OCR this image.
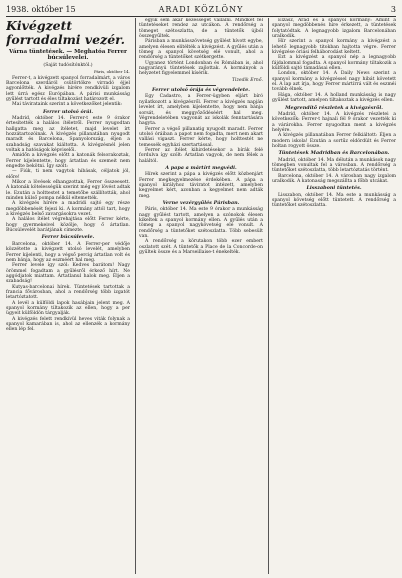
1938. október 15	ARADI KÖZLÖNY	3
Kivégzett forradalmi vezér.
Várna tüntetések. — Meghatóa Ferrer
búcsúlevelei.
(Saját tudósítónktól.)
Páris, október 14.

Ferrer-t, a kivégzett spanyol forradalmárt, a város Barcelona szerdáról csütörtökre virradó éjjel agyonlőtték. A kivégzés hírére rendkívüli izgalom lett úrrá egész Európában. A párisi munkásság gyűlést tartott és éles tiltakozást határozott el.

Mai távirataink szerint a következőket jelentik:

Ferrer utolsó órái.

Madrid, október 14. Ferrer-t este 9 órakor értesítették a halálos ítéletről. Ferrer nyugodtan hallgatta meg az ítéletet, majd levelet írt hozzátartozóinak. A kivégzés pillanatában nyugodt maradt és Barcelona, Spanyolország, éljen a szabadság szavakat kiáltotta. A kivégzésnél jelen voltak a hatóságok képviselői.

Amidőn a kivégzés előtt a katonák felsorakoztak, Ferrer kijelentette, hogy ártatlan és szemeit nem engedte bekötni. Így szólt:

— Fiúk, ti nem vagytok hibásak, céljatok jól, előre!

Mikor a lövések elhangzottak, Ferrer összeesett. A katonák kötelességük szerint még egy lövést adtak le. Ezután a holttestet a temetőbe szállították, ahol minden külső pompa nélkül eltemették.

A kivégzés hírére a madridi sajtó egy része megdöbbenését fejezi ki. A kormány attól tart, hogy a kivégzés belső zavargásokra vezet.

A halálos ítélet végrehajtása előtt Ferrer kérte, hogy gyermekeivel közölje, hogy ő ártatlan. Búcsúlevelét barátjának címezte.

Ferrer búcsúlevele.

Barcelona, október 14. A Ferrer-per védője közzétette a kivégzett utolsó levelét, amelyben Ferrer kijelenti, hogy a végső percig ártatlan volt és nem bánja, hogy az eszméért hal meg.

Ferrer levele így szól: Kedves barátom! Nagy örömmel fogadtam a gyűlésről érkező hírt. Ne aggódjatok miattam. Ártatlanul halok meg. Éljen a szabadság!

Kutyas-barcelonai hírek. Tüntetések tartottak a francia fővárosban, ahol a rendőrség több izgatót letartóztatott.

A levél a külföldi lapok hasábjain jelent meg. A spanyol kormány tiltakozik az ellen, hogy a per ügyeit külföldön tárgyalják.

A kivégzés felett rendkívül heves viták folynak a spanyol kamarában is, ahol az ellenzék a kormány ellen lép fel.

egyik sem akar kezességet vállalni. Mindkét fél tüntetéseket rendez az utcákon. A rendőrség a tömeget szétoszlatta, de a tüntetők újból összegyűltek.

Párisban a munkásszövetség gyűlést hívott egybe, amelyen élesen elítélték a kivégzést. A gyűlés után a tömeg a spanyol követség elé vonult, ahol a rendőrség a tüntetőket szétkergette.

Ugyanez történt Londonban és Rómában is, ahol nagyarányú tüntetések zajlottak. A kormányok a helyzetet figyelemmel kísérik.

Tizedik Ernő.
Ferrer utolsó órája és végrendelete.

Egy Cadastro, a Ferrer-ügyben eljárt bíró nyilatkozott a kivégzésről. Ferrer a kivégzés napján levelet írt, amelyben kijelentette, hogy nem bánja sorsát, és meggyőződéséért hal meg. Végrendeletében vagyonát az iskolák fenntartására hagyta.

Ferrer a végső pillanatig nyugodt maradt. Ferrer utolsó óráiban a papot nem fogadta, mert nem akart vallási vigaszt. Ferrer kérte, hogy holttestét ne temessék egyházi szertartással.

Ferrer az ítélet kihirdetésekor a bírák felé fordulva így szólt: Ártatlan vagyok, de nem félek a haláltól.

A papa a mártírt megvédi.

Hírek szerint a pápa a kivégzés előtt közbenjárt Ferrer megkegyelmezése érdekében. A pápa a spanyol királyhoz táviratot intézett, amelyben kegyelmet kért, azonban a kegyelmet nem adták meg.

Verne vezérgyűlés Párisban.

Páris, október 14. Ma este 9 órakor a munkásság nagy gyűlést tartott, amelyen a szónokok élesen kikeltek a spanyol kormány ellen. A gyűlés után a tömeg a spanyol nagykövetség elé vonult. A rendőrség a tüntetőket szétoszlatta. Több sebesült van.

A rendőrség a körutakon több ezer embert oszlatott szét. A tüntetők a Place de la Concorde-on gyűltek össze és a Marseillaise-t énekelték.

Elzász, Arad és a spanyol kormány: Amint a spanyol megdöbbenés híre érkezett, a tüntetések folytatódtak. A legnagyobb izgalom Barcelonában uralkodik.

Hír szerint a spanyol kormány a kivégzést a lehető legnagyobb titokban hajtotta végre. Ferrer kivégzése óriási felháborodást keltett.

Ezt a kivégzést a spanyol nép a legnagyobb fájdalommal fogadta. A spanyol kormány tiltakozik a külföldi sajtó támadásai ellen.

London, október 14. A Daily News szerint a spanyol kormány a kivégzéssel nagy hibát követett el. A lap azt írja, hogy Ferrer mártírrá vált és eszméi tovább élnek.

Hága, október 14. A holland munkásság is nagy gyűlést tartott, amelyen tiltakoztak a kivégzés ellen.

Megrendítő részletek a kivégzésről.

Madrid, október 14. A kivégzés részletei a következők: Ferrer-t hajnali fél 9 órakor vezették ki a várárokba. Ferrer nyugodtan ment a kivégzés helyére.

A kivégzés pillanatában Ferrer felkiáltott: Éljen a modern iskola! Ezután a sortűz eldördült és Ferrer holtan rogyott össze.

Tüntetések Madridban és Barcelonában.

Madrid, október 14. Ma délután a munkások nagy tömegben vonultak fel a városban. A rendőrség a tüntetőket szétoszlatta, több letartóztatás történt.

Barcelona, október 14. A városban nagy izgalom uralkodik. A katonaság megszállta a főbb utcákat.

Lisszaboni tüntetés.

Lisszabon, október 14. Ma este a munkásság a spanyol követség előtt tüntetett. A rendőrség a tüntetőket szétoszlatta.
